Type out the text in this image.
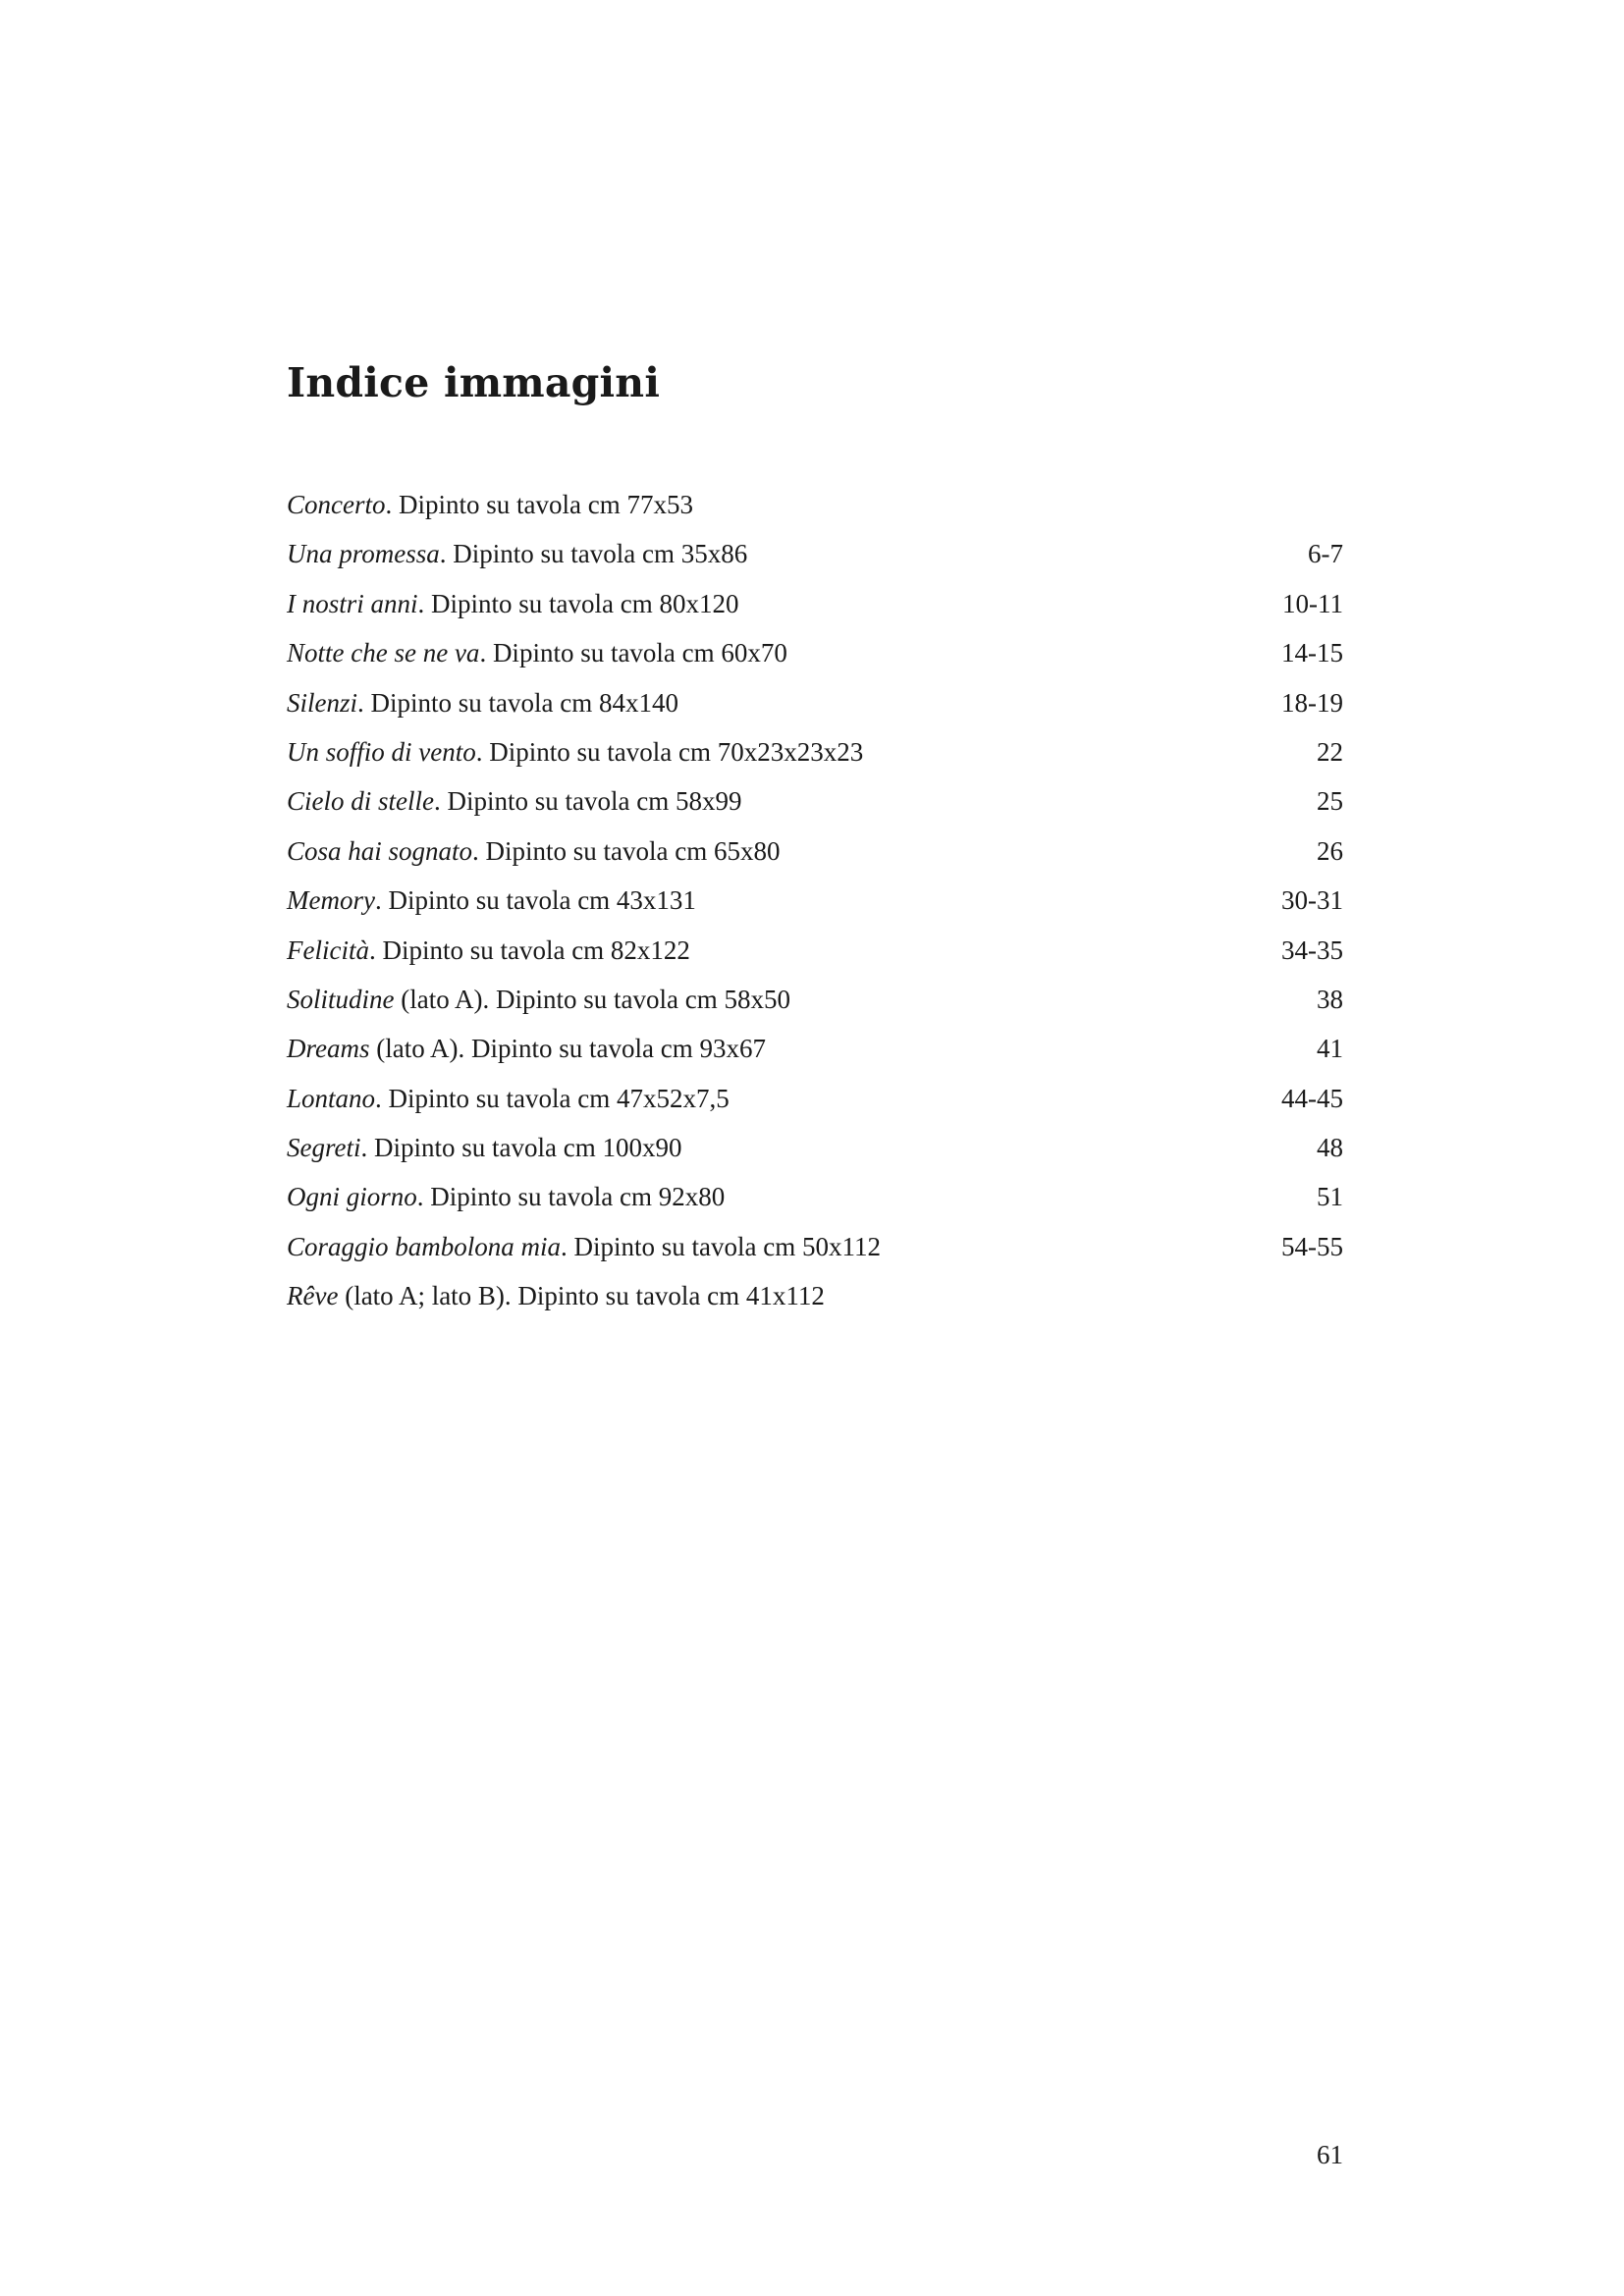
Indice immagini
Concerto. Dipinto su tavola cm 77x53
Una promessa. Dipinto su tavola cm 35x86	6-7
I nostri anni. Dipinto su tavola cm 80x120	10-11
Notte che se ne va. Dipinto su tavola cm 60x70	14-15
Silenzi. Dipinto su tavola cm 84x140	18-19
Un soffio di vento. Dipinto su tavola cm 70x23x23x23	22
Cielo di stelle. Dipinto su tavola cm 58x99	25
Cosa hai sognato. Dipinto su tavola cm 65x80	26
Memory. Dipinto su tavola cm 43x131	30-31
Felicità. Dipinto su tavola cm 82x122	34-35
Solitudine (lato A). Dipinto su tavola cm 58x50	38
Dreams (lato A). Dipinto su tavola cm 93x67	41
Lontano. Dipinto su tavola cm 47x52x7,5	44-45
Segreti. Dipinto su tavola cm 100x90	48
Ogni giorno. Dipinto su tavola cm 92x80	51
Coraggio bambolona mia. Dipinto su tavola cm 50x112	54-55
Rêve (lato A; lato B). Dipinto su tavola cm 41x112
61
